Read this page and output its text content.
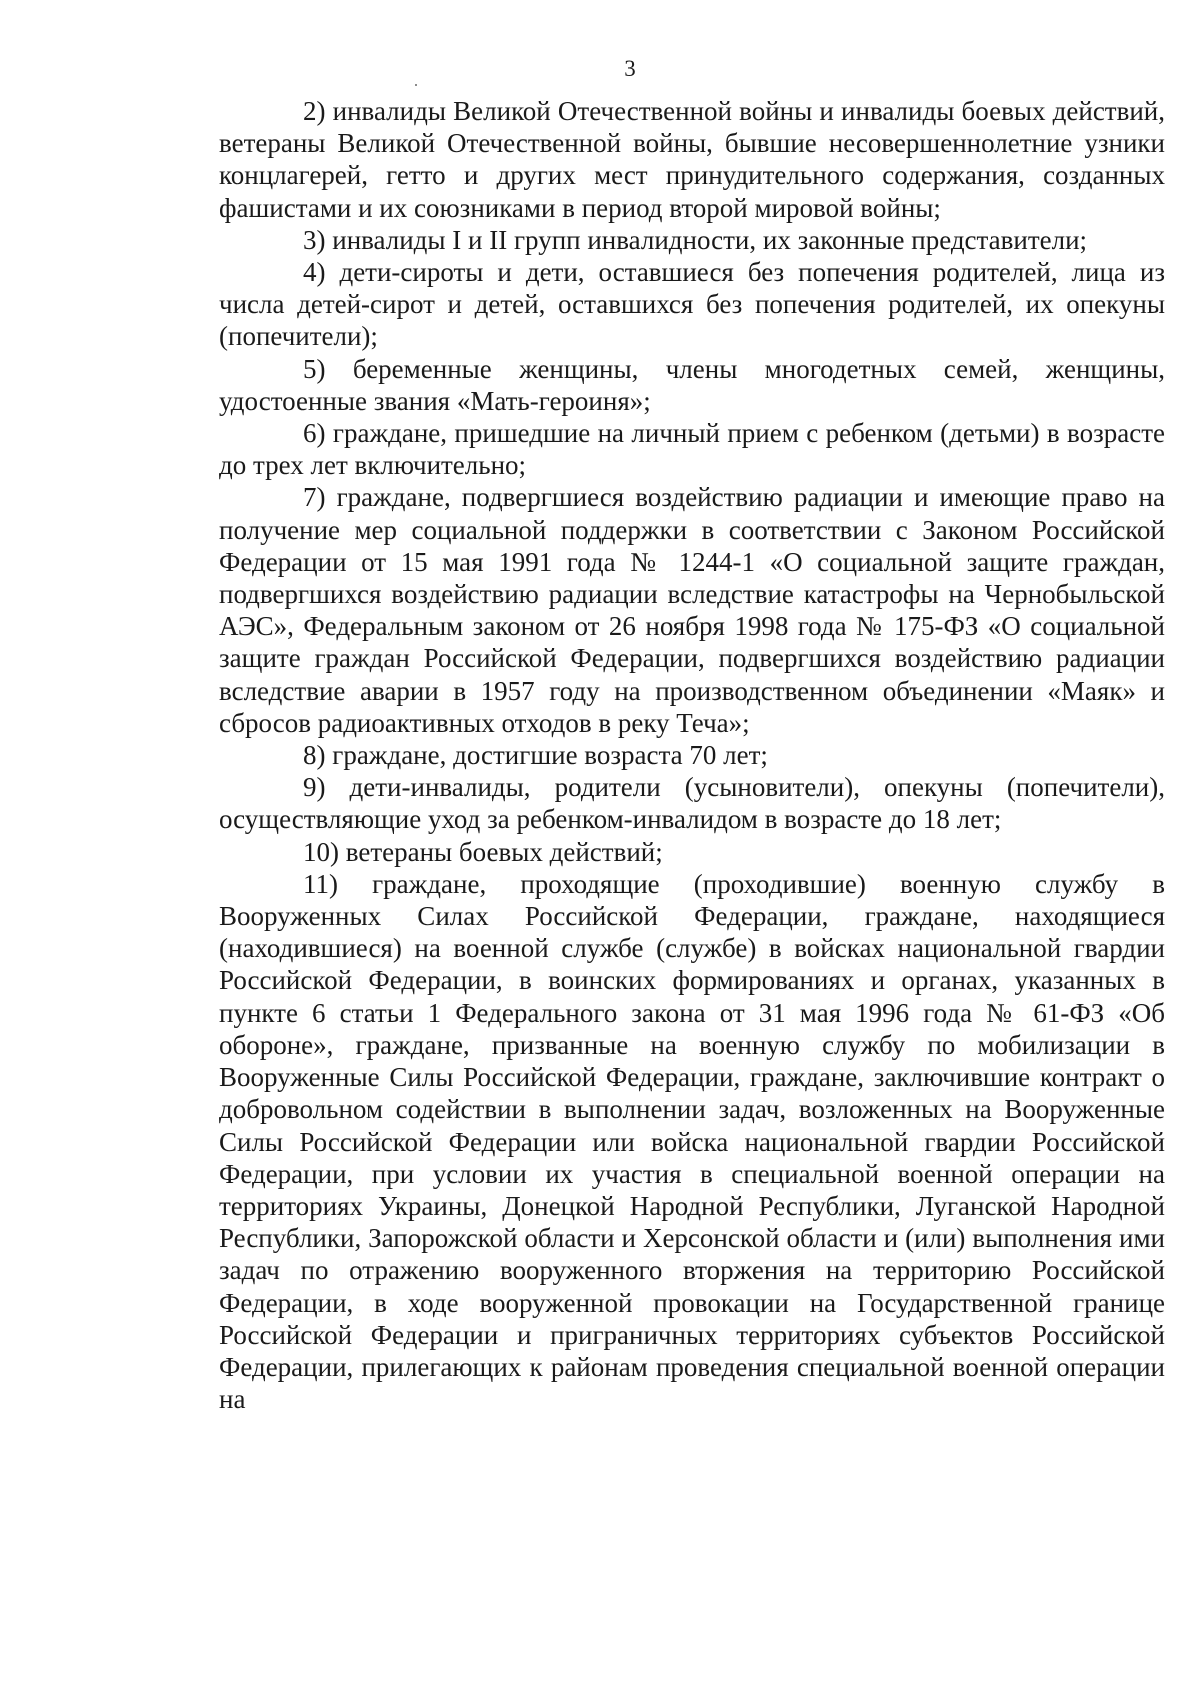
3

2) инвалиды Великой Отечественной войны и инвалиды боевых действий, ветераны Великой Отечественной войны, бывшие несовершеннолетние узники концлагерей, гетто и других мест принудительного содержания, созданных фашистами и их союзниками в период второй мировой войны;

3) инвалиды I и II групп инвалидности, их законные представители;

4) дети-сироты и дети, оставшиеся без попечения родителей, лица из числа детей-сирот и детей, оставшихся без попечения родителей, их опекуны (попечители);

5) беременные женщины, члены многодетных семей, женщины, удостоенные звания «Мать-героиня»;

6) граждане, пришедшие на личный прием с ребенком (детьми) в возрасте до трех лет включительно;

7) граждане, подвергшиеся воздействию радиации и имеющие право на получение мер социальной поддержки в соответствии с Законом Российской Федерации от 15 мая 1991 года № 1244-1 «О социальной защите граждан, подвергшихся воздействию радиации вследствие катастрофы на Чернобыльской АЭС», Федеральным законом от 26 ноября 1998 года № 175-ФЗ «О социальной защите граждан Российской Федерации, подвергшихся воздействию радиации вследствие аварии в 1957 году на производственном объединении «Маяк» и сбросов радиоактивных отходов в реку Теча»;

8) граждане, достигшие возраста 70 лет;

9) дети-инвалиды, родители (усыновители), опекуны (попечители), осуществляющие уход за ребенком-инвалидом в возрасте до 18 лет;

10) ветераны боевых действий;

11) граждане, проходящие (проходившие) военную службу в Вооруженных Силах Российской Федерации, граждане, находящиеся (находившиеся) на военной службе (службе) в войсках национальной гвардии Российской Федерации, в воинских формированиях и органах, указанных в пункте 6 статьи 1 Федерального закона от 31 мая 1996 года № 61-ФЗ «Об обороне», граждане, призванные на военную службу по мобилизации в Вооруженные Силы Российской Федерации, граждане, заключившие контракт о добровольном содействии в выполнении задач, возложенных на Вооруженные Силы Российской Федерации или войска национальной гвардии Российской Федерации, при условии их участия в специальной военной операции на территориях Украины, Донецкой Народной Республики, Луганской Народной Республики, Запорожской области и Херсонской области и (или) выполнения ими задач по отражению вооруженного вторжения на территорию Российской Федерации, в ходе вооруженной провокации на Государственной границе Российской Федерации и приграничных территориях субъектов Российской Федерации, прилегающих к районам проведения специальной военной операции на
